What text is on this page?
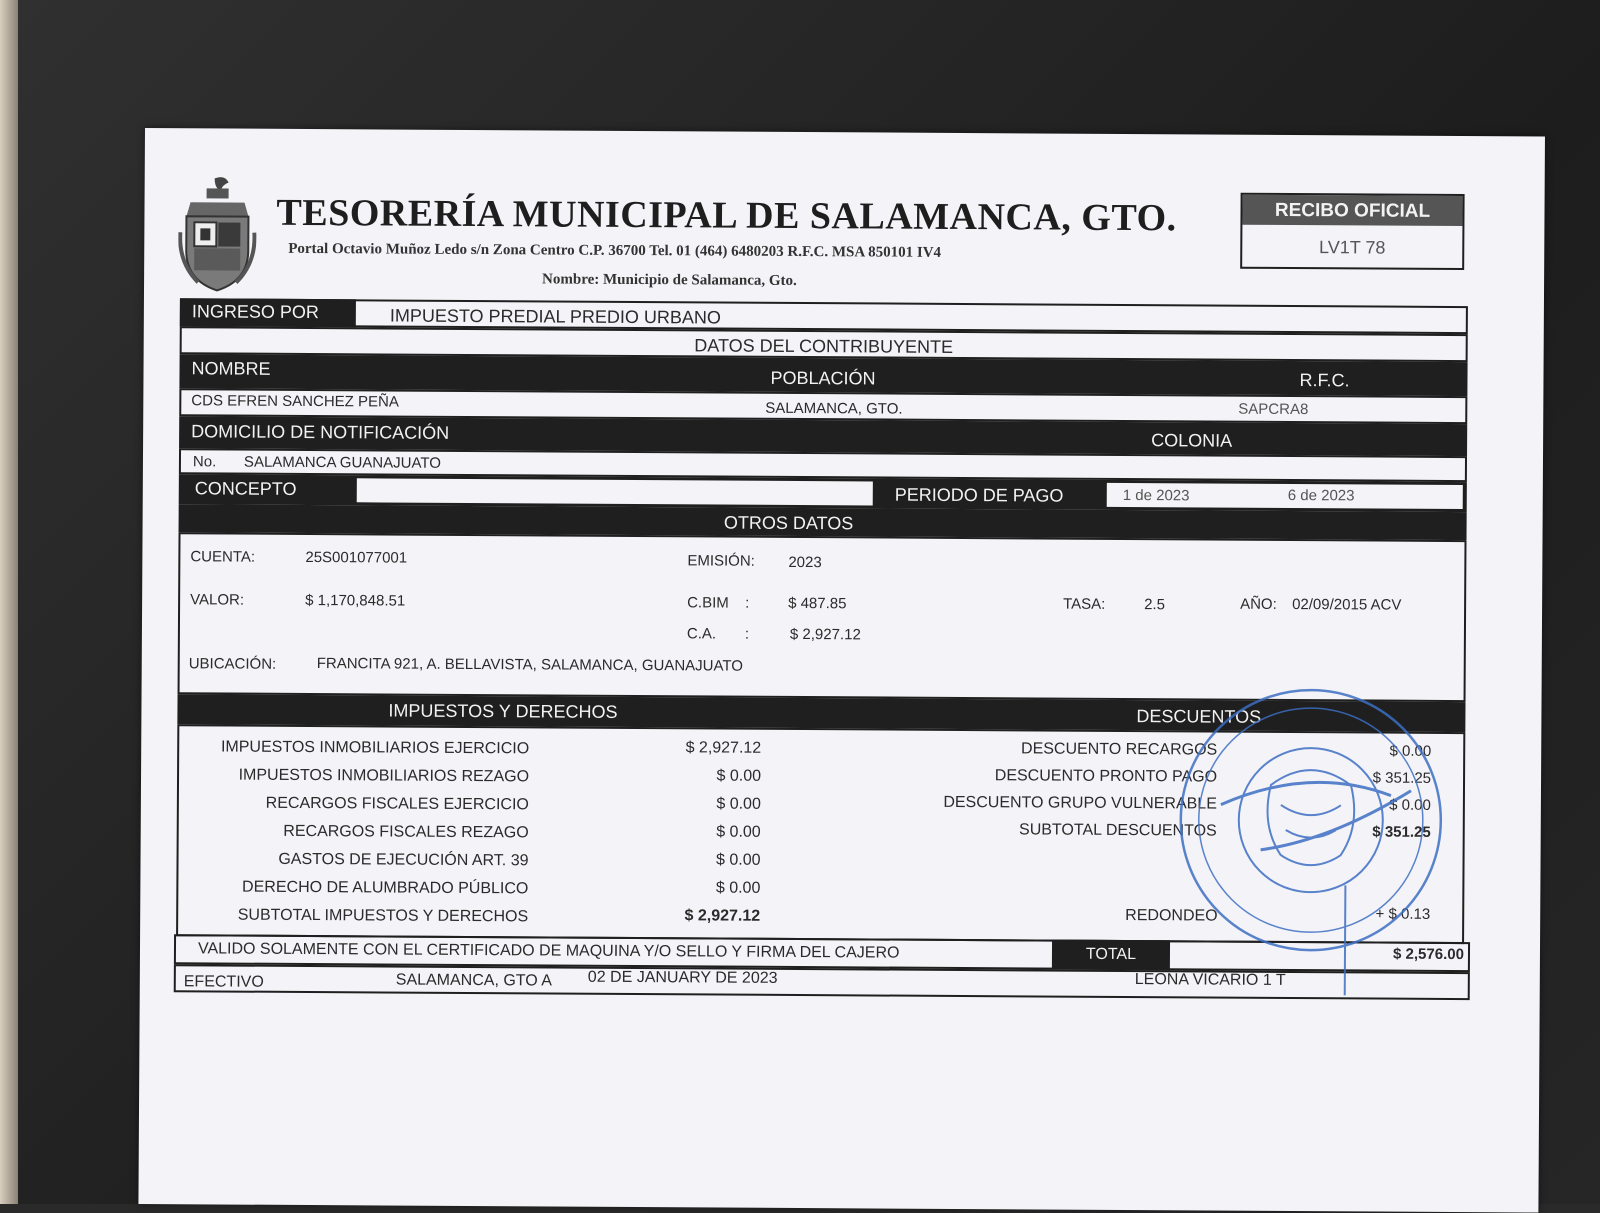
TESORERÍA MUNICIPAL DE SALAMANCA, GTO.
Portal Octavio Muñoz Ledo s/n Zona Centro C.P. 36700 Tel. 01 (464) 6480203 R.F.C. MSA 850101 IV4
Nombre: Municipio de Salamanca, Gto.
RECIBO OFICIAL
LV1T 78
INGRESO POR	IMPUESTO PREDIAL PREDIO URBANO
DATOS DEL CONTRIBUYENTE
NOMBRE	POBLACIÓN	R.F.C.
CDS EFREN SANCHEZ PEÑA	SALAMANCA, GTO.	SAPCRA8
DOMICILIO DE NOTIFICACIÓN	COLONIA
No. SALAMANCA GUANAJUATO
CONCEPTO	PERIODO DE PAGO	1 de 2023	6 de 2023
OTROS DATOS
CUENTA:	25S001077001	EMISIÓN: 2023
VALOR:	$ 1,170,848.51	C.BIM :	$ 487.85	TASA:	2.5	AÑO: 02/09/2015 ACV
C.A. :	$ 2,927.12
UBICACIÓN:	FRANCITA 921, A. BELLAVISTA, SALAMANCA, GUANAJUATO
IMPUESTOS Y DERECHOS	DESCUENTOS
IMPUESTOS INMOBILIARIOS EJERCICIO	$ 2,927.12
IMPUESTOS INMOBILIARIOS REZAGO	$ 0.00
RECARGOS FISCALES EJERCICIO	$ 0.00
RECARGOS FISCALES REZAGO	$ 0.00
GASTOS DE EJECUCIÓN ART. 39	$ 0.00
DERECHO DE ALUMBRADO PÚBLICO	$ 0.00
SUBTOTAL IMPUESTOS Y DERECHOS	$ 2,927.12
DESCUENTO RECARGOS	$ 0.00
DESCUENTO PRONTO PAGO	$ 351.25
DESCUENTO GRUPO VULNERABLE	$ 0.00
SUBTOTAL DESCUENTOS	$ 351.25
REDONDEO	+ $ 0.13
VALIDO SOLAMENTE CON EL CERTIFICADO DE MAQUINA Y/O SELLO Y FIRMA DEL CAJERO	TOTAL	$ 2,576.00
EFECTIVO	SALAMANCA, GTO A 02 DE JANUARY DE 2023	LEONA VICARIO 1 T
